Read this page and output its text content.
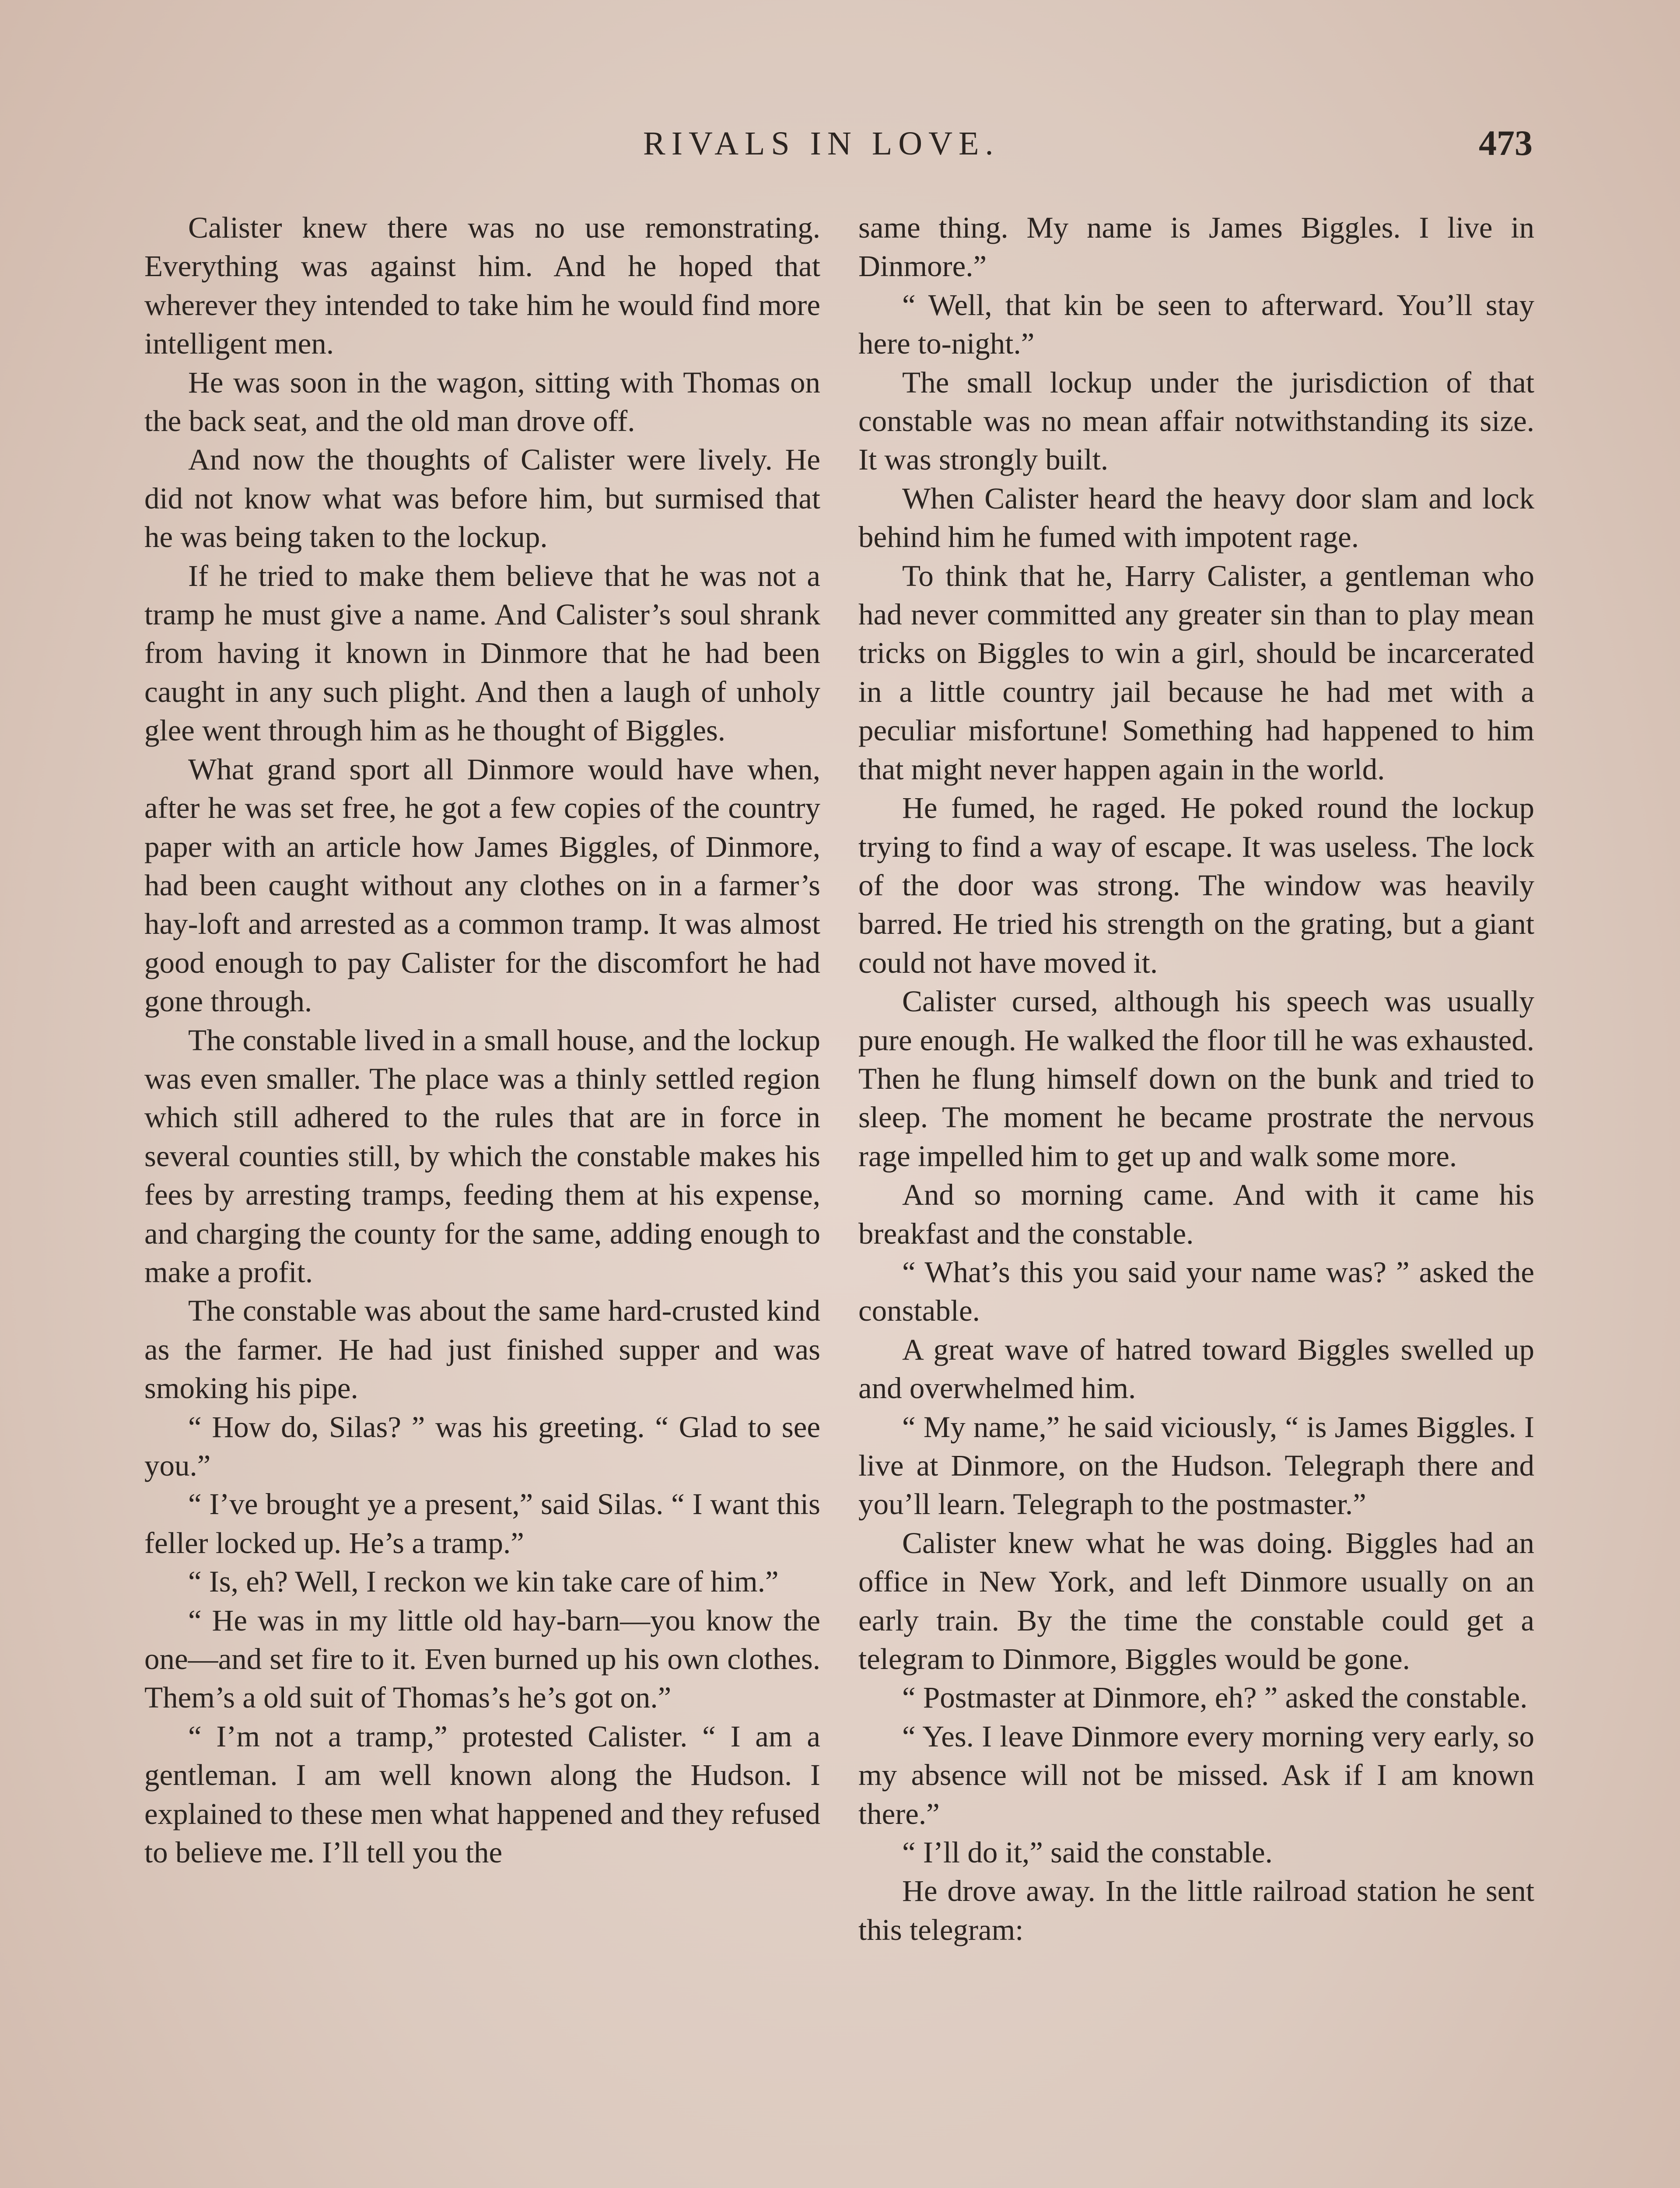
RIVALS IN LOVE.	473

Calister knew there was no use remonstrating. Everything was against him. And he hoped that wherever they intended to take him he would find more intelligent men.

He was soon in the wagon, sitting with Thomas on the back seat, and the old man drove off.

And now the thoughts of Calister were lively. He did not know what was before him, but surmised that he was being taken to the lockup.

If he tried to make them believe that he was not a tramp he must give a name. And Calister’s soul shrank from having it known in Dinmore that he had been caught in any such plight. And then a laugh of unholy glee went through him as he thought of Biggles.

What grand sport all Dinmore would have when, after he was set free, he got a few copies of the country paper with an article how James Biggles, of Dinmore, had been caught without any clothes on in a farmer’s hay-loft and arrested as a common tramp. It was almost good enough to pay Calister for the discomfort he had gone through.

The constable lived in a small house, and the lockup was even smaller. The place was a thinly settled region which still adhered to the rules that are in force in several counties still, by which the constable makes his fees by arresting tramps, feeding them at his expense, and charging the county for the same, adding enough to make a profit.

The constable was about the same hard-crusted kind as the farmer. He had just finished supper and was smoking his pipe.

“ How do, Silas? ” was his greeting. “ Glad to see you.”

“ I’ve brought ye a present,” said Silas. “ I want this feller locked up. He’s a tramp.”

“ Is, eh? Well, I reckon we kin take care of him.”

“ He was in my little old hay-barn—you know the one—and set fire to it. Even burned up his own clothes. Them’s a old suit of Thomas’s he’s got on.”

“ I’m not a tramp,” protested Calister. “ I am a gentleman. I am well known along the Hudson. I explained to these men what happened and they refused to believe me. I’ll tell you the

same thing. My name is James Biggles. I live in Dinmore.”

“ Well, that kin be seen to afterward. You’ll stay here to-night.”

The small lockup under the jurisdiction of that constable was no mean affair notwithstanding its size. It was strongly built.

When Calister heard the heavy door slam and lock behind him he fumed with impotent rage.

To think that he, Harry Calister, a gentleman who had never committed any greater sin than to play mean tricks on Biggles to win a girl, should be incarcerated in a little country jail because he had met with a peculiar misfortune! Something had happened to him that might never happen again in the world.

He fumed, he raged. He poked round the lockup trying to find a way of escape. It was useless. The lock of the door was strong. The window was heavily barred. He tried his strength on the grating, but a giant could not have moved it.

Calister cursed, although his speech was usually pure enough. He walked the floor till he was exhausted. Then he flung himself down on the bunk and tried to sleep. The moment he became prostrate the nervous rage impelled him to get up and walk some more.

And so morning came. And with it came his breakfast and the constable.

“ What’s this you said your name was? ” asked the constable.

A great wave of hatred toward Biggles swelled up and overwhelmed him.

“ My name,” he said viciously, “ is James Biggles. I live at Dinmore, on the Hudson. Telegraph there and you’ll learn. Telegraph to the postmaster.”

Calister knew what he was doing. Biggles had an office in New York, and left Dinmore usually on an early train. By the time the constable could get a telegram to Dinmore, Biggles would be gone.

“ Postmaster at Dinmore, eh? ” asked the constable.

“ Yes. I leave Dinmore every morning very early, so my absence will not be missed. Ask if I am known there.”

“ I’ll do it,” said the constable.

He drove away. In the little railroad station he sent this telegram:
